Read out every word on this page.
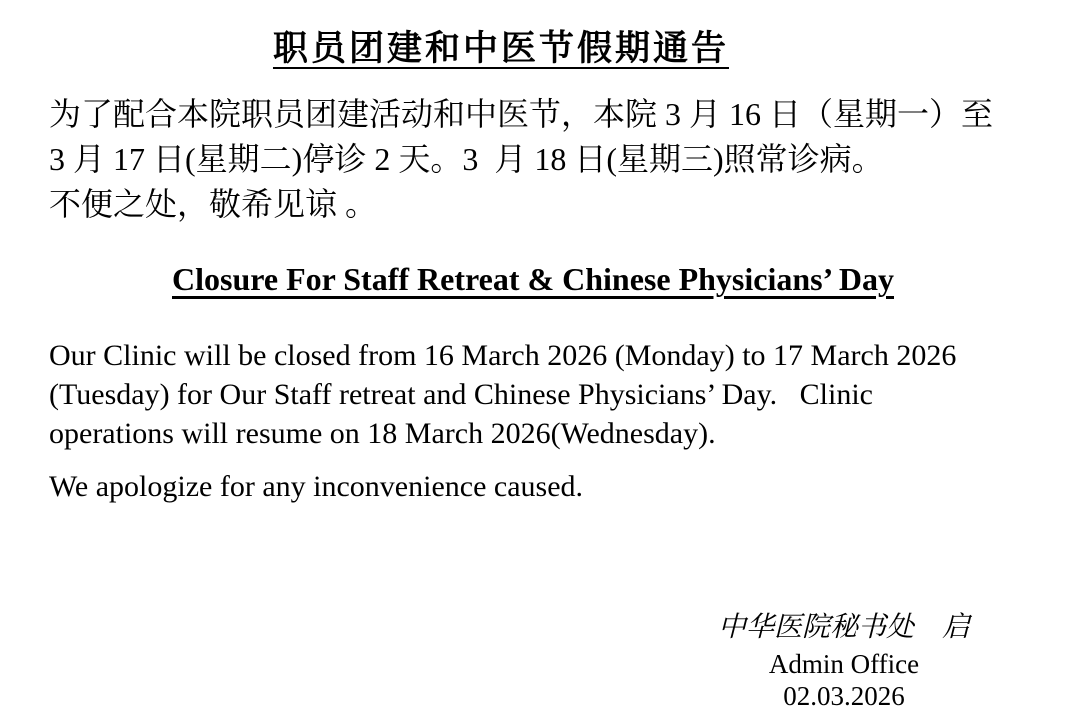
职员团建和中医节假期通告
为了配合本院职员团建活动和中医节，本院 3 月 16 日（星期一）至
3 月 17 日(星期二)停诊 2 天。3  月 18 日(星期三)照常诊病。
不便之处，敬希见谅 。
Closure For Staff Retreat & Chinese Physicians’ Day
Our Clinic will be closed from 16 March 2026 (Monday) to 17 March 2026
(Tuesday) for Our Staff retreat and Chinese Physicians’ Day.   Clinic
operations will resume on 18 March 2026(Wednesday).

We apologize for any inconvenience caused.

中华医院秘书处　启
Admin Office
02.03.2026
